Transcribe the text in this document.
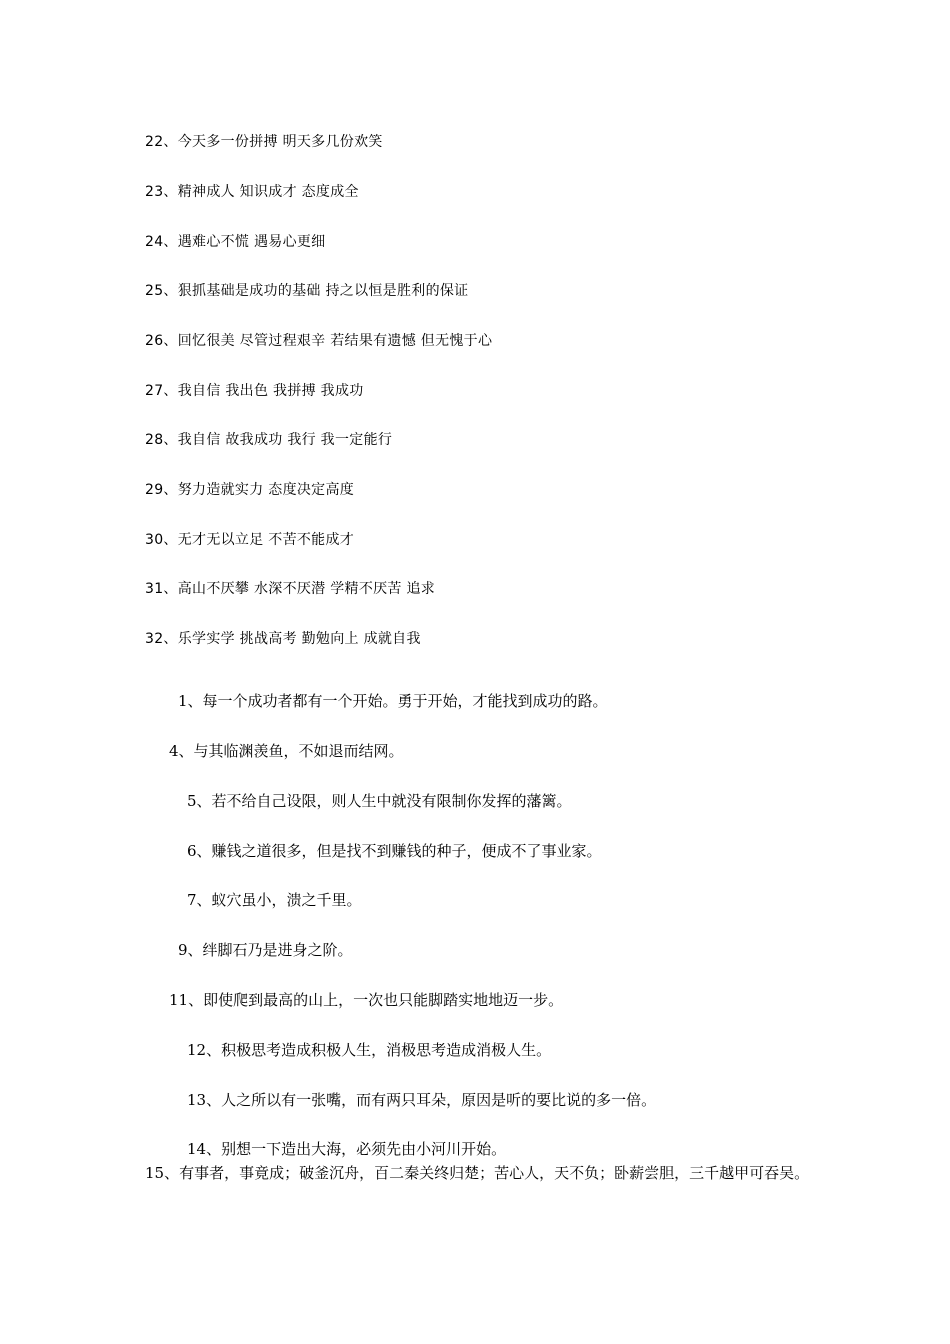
22、今天多一份拼搏 明天多几份欢笑
23、精神成人 知识成才 态度成全
24、遇难心不慌 遇易心更细
25、狠抓基础是成功的基础 持之以恒是胜利的保证
26、回忆很美 尽管过程艰辛 若结果有遗憾 但无愧于心
27、我自信 我出色 我拼搏 我成功
28、我自信 故我成功 我行 我一定能行
29、努力造就实力 态度决定高度
30、无才无以立足 不苦不能成才
31、高山不厌攀 水深不厌潜 学精不厌苦 追求
32、乐学实学 挑战高考 勤勉向上 成就自我
1、每一个成功者都有一个开始。勇于开始，才能找到成功的路。
4、与其临渊羡鱼，不如退而结网。
5、若不给自己设限，则人生中就没有限制你发挥的藩篱。
6、赚钱之道很多，但是找不到赚钱的种子，便成不了事业家。
7、蚁穴虽小，溃之千里。
9、绊脚石乃是进身之阶。
11、即使爬到最高的山上，一次也只能脚踏实地地迈一步。
12、积极思考造成积极人生，消极思考造成消极人生。
13、人之所以有一张嘴，而有两只耳朵，原因是听的要比说的多一倍。
14、别想一下造出大海，必须先由小河川开始。
15、有事者，事竟成；破釜沉舟，百二秦关终归楚；苦心人，天不负；卧薪尝胆，三千越甲可吞吴。
